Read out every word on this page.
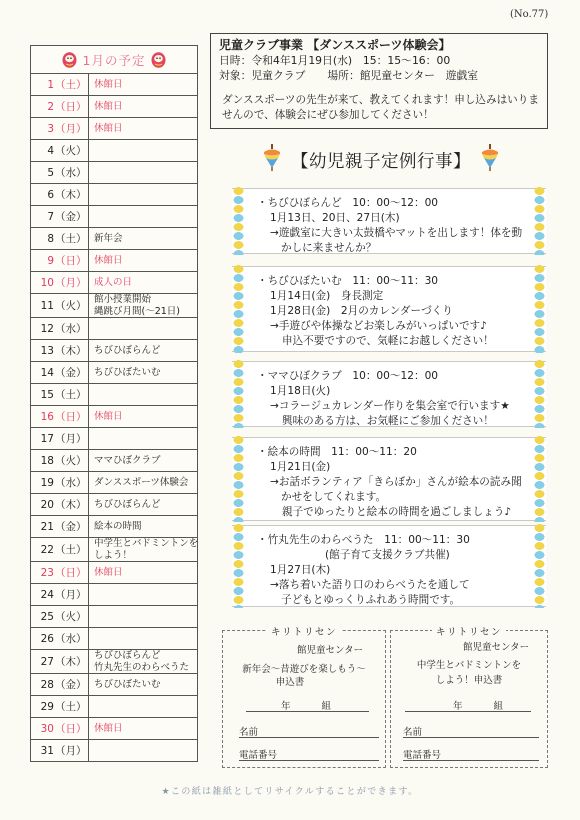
(No.77)
1月の予定
1 （土） 休館日
2 （日） 休館日
3 （月） 休館日
4 （火）
5 （水）
6 （木）
7 （金）
8 （土） 新年会
9 （日） 休館日
10 （月） 成人の日
11 （火）
館小授業開始
縄跳び月間(～21日)
12 （水）
13 （木） ちびひぼらんど
14 （金） ちびひぼたいむ
15 （土）
16 （日） 休館日
17 （月）
18 （火） ママひぼクラブ
19 （水） ダンススポーツ体験会
20 （木） ちびひぼらんど
21 （金） 絵本の時間
22 （土）
中学生とバドミントンを
しよう！
23 （日） 休館日
24 （月）
25 （火）
26 （水）
27 （木）
ちびひぼらんど
竹丸先生のわらべうた
28 （金） ちびひぼたいむ
29 （土）
30 （日） 休館日
31 （月）
児童クラブ事業 【ダンススポーツ体験会】
日時：令和4年1月19日(水)　15：15～16：00
対象：児童クラブ 場所：館児童センター　遊戯室
ダンススポーツの先生が来て、教えてくれます！申し込みはいりませんので、体験会にぜひ参加してください！
【幼児親子定例行事】
・ちびひぼらんど　10：00～12：00
1月13日、20日、27日(木)
→遊戯室に大きい太鼓橋やマットを出します！体を動かしに来ませんか？
・ちびひぼたいむ　11：00～11：30
1月14日(金)　身長測定
1月28日(金)　2月のカレンダーづくり
→手遊びや体操などお楽しみがいっぱいです♪
申込不要ですので、気軽にお越しください！
・ママひぼクラブ　10：00～12：00
1月18日(火)
→コラージュカレンダー作りを集会室で行います★
興味のある方は、お気軽にご参加ください！
・絵本の時間　11：00～11：20
1月21日(金)
→お話ボランティア「きらぼか」さんが絵本の読み聞かせをしてくれます。
親子でゆったりと絵本の時間を過ごしましょう♪
・竹丸先生のわらべうた　11：00～11：30
(館子育て支援クラブ共催)
1月27日(木)
→落ち着いた語り口のわらべうたを通して
子どもとゆっくりふれあう時間です。
キリトリセン
館児童センター
新年会～昔遊びを楽しもう～
申込書
年　　組
名前
電話番号
キリトリセン
館児童センター
中学生とバドミントンを
しよう！申込書
年　　組
名前
電話番号
★この紙は雑紙としてリサイクルすることができます。
